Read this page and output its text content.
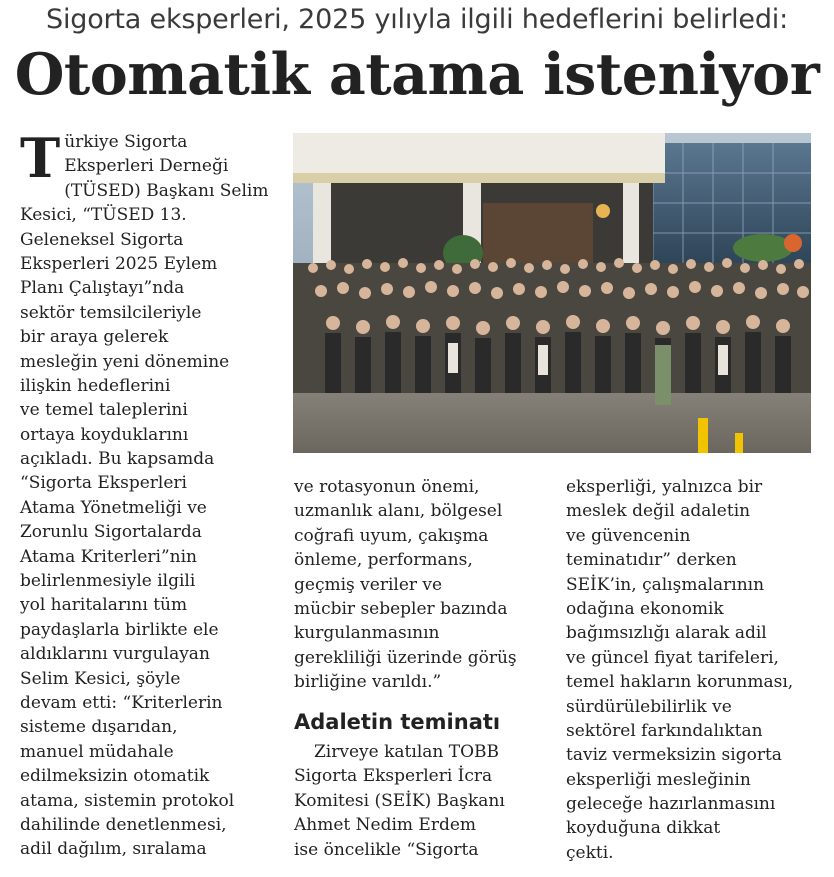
Sigorta eksperleri, 2025 yılıyla ilgili hedeflerini belirledi:
Otomatik atama isteniyor
T ürkiye Sigorta
Eksperleri Derneği
(TÜSED) Başkanı Selim
Kesici, “TÜSED 13.
Geleneksel Sigorta
Eksperleri 2025 Eylem
Planı Çalıştayı”nda
sektör temsilcileriyle
bir araya gelerek
mesleğin yeni dönemine
ilişkin hedeflerini
ve temel taleplerini
ortaya koyduklarını
açıkladı. Bu kapsamda
“Sigorta Eksperleri
Atama Yönetmeliği ve
Zorunlu Sigortalarda
Atama Kriterleri”nin
belirlenmesiyle ilgili
yol haritalarını tüm
paydaşlarla birlikte ele
aldıklarını vurgulayan
Selim Kesici, şöyle
devam etti: “Kriterlerin
sisteme dışarıdan,
manuel müdahale
edilmeksizin otomatik
atama, sistemin protokol
dahilinde denetlenmesi,
adil dağılım, sıralama
ve rotasyonun önemi,
uzmanlık alanı, bölgesel
coğrafi uyum, çakışma
önleme, performans,
geçmiş veriler ve
mücbir sebepler bazında
kurgulanmasının
gerekliliği üzerinde görüş
birliğine varıldı.”
Adaletin teminatı
Zirveye katılan TOBB
Sigorta Eksperleri İcra
Komitesi (SEİK) Başkanı
Ahmet Nedim Erdem
ise öncelikle “Sigorta
eksperliği, yalnızca bir
meslek değil adaletin
ve güvencenin
teminatıdır” derken
SEİK’in, çalışmalarının
odağına ekonomik
bağımsızlığı alarak adil
ve güncel fiyat tarifeleri,
temel hakların korunması,
sürdürülebilirlik ve
sektörel farkındalıktan
taviz vermeksizin sigorta
eksperliği mesleğinin
geleceğe hazırlanmasını
koyduğuna dikkat
çekti.
